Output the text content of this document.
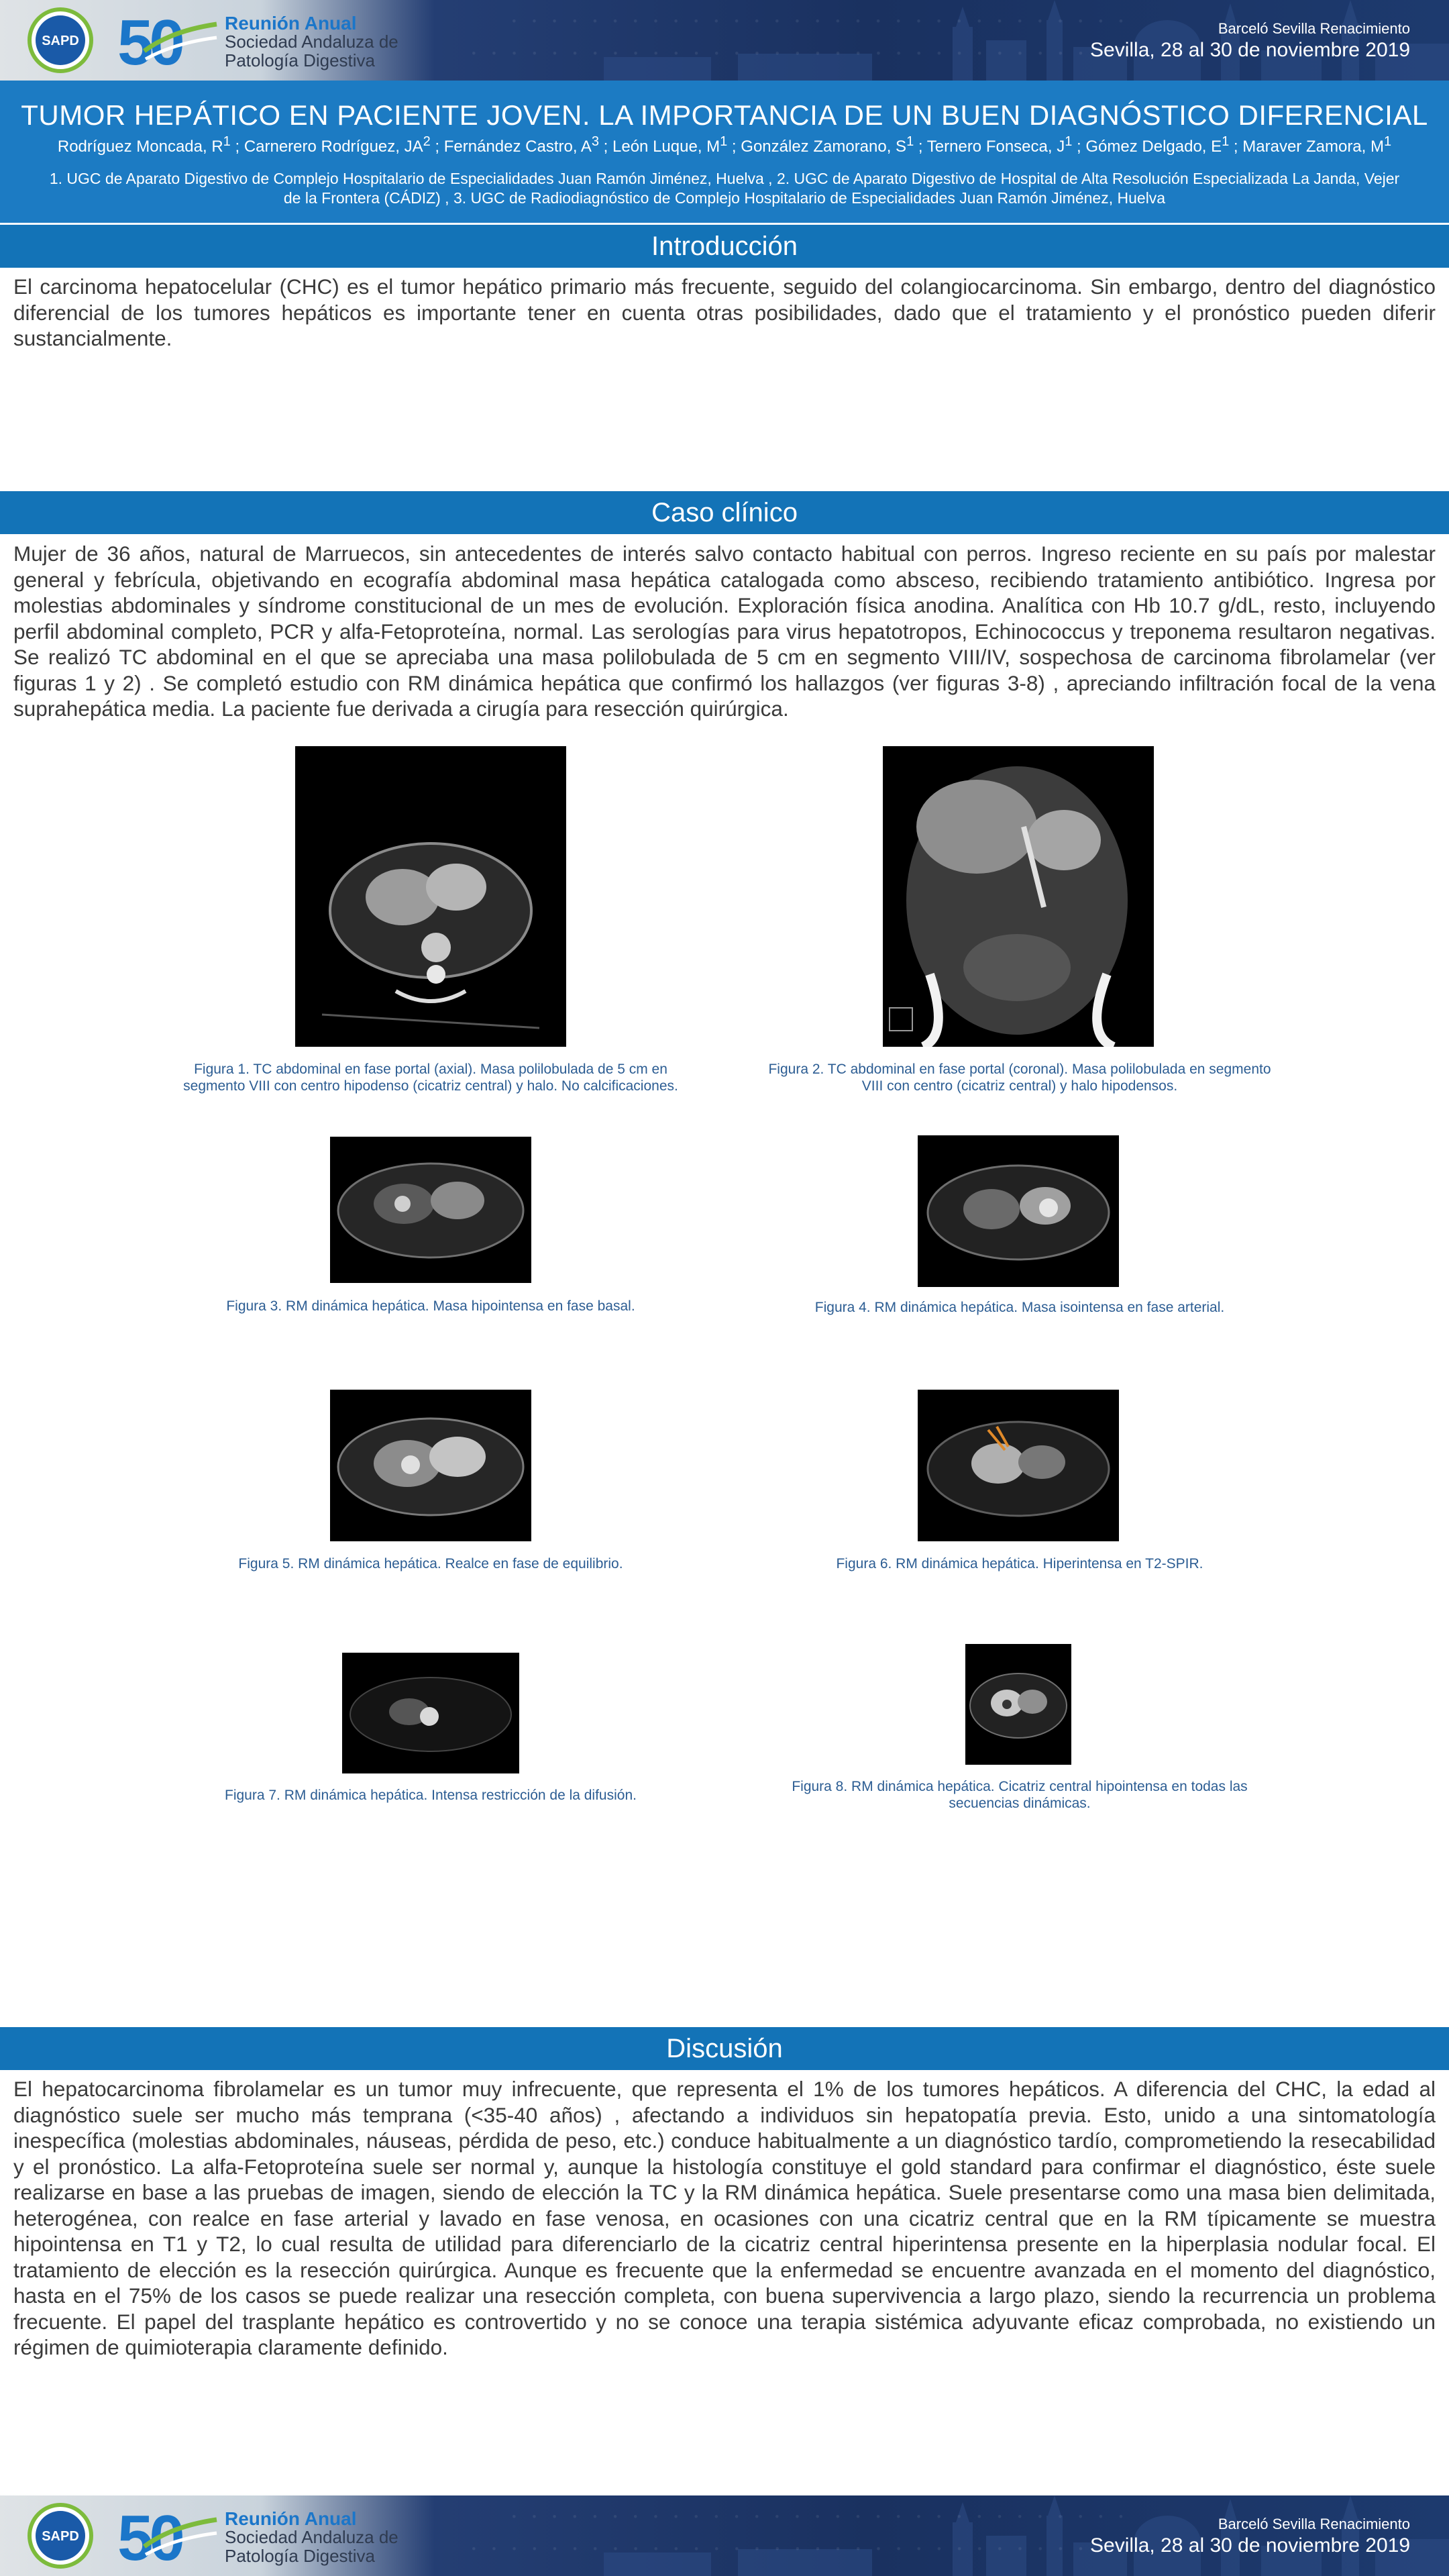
· · · · · · · · · · · · · · · · · · · · · · · · · · · · · · ·
· · · · · · · · · · · · · · · · · · · · · · · · · · · · · · · · ·
SAPD 50 Reunión Anual
Sociedad Andaluza de
Patología Digestiva
Barceló Sevilla Renacimiento
Sevilla, 28 al 30 de noviembre 2019
TUMOR HEPÁTICO EN PACIENTE JOVEN. LA IMPORTANCIA DE UN BUEN DIAGNÓSTICO DIFERENCIAL
Rodríguez Moncada, $R^1$ ; Carnerero Rodríguez, $JA^2$ ; Fernández Castro, $A^3$ ; León Luque, $M^1$ ; González Zamorano, $S^1$ ; Ternero Fonseca, $J^1$ ; Gómez Delgado, $E^1$ ; Maraver Zamora, $M^1$
1. UGC de Aparato Digestivo de Complejo Hospitalario de Especialidades Juan Ramón Jiménez, Huelva , 2. UGC de Aparato Digestivo de Hospital de Alta Resolución Especializada La Janda, Vejer de la Frontera (CÁDIZ) , 3. UGC de Radiodiagnóstico de Complejo Hospitalario de Especialidades Juan Ramón Jiménez, Huelva
Introducción

El carcinoma hepatocelular (CHC) es el tumor hepático primario más frecuente, seguido del colangiocarcinoma. Sin embargo, dentro del diagnóstico diferencial de los tumores hepáticos es importante tener en cuenta otras posibilidades, dado que el tratamiento y el pronóstico pueden diferir sustancialmente.

Caso clínico

Mujer de 36 años, natural de Marruecos, sin antecedentes de interés salvo contacto habitual con perros. Ingreso reciente en su país por malestar general y febrícula, objetivando en ecografía abdominal masa hepática catalogada como absceso, recibiendo tratamiento antibiótico. Ingresa por molestias abdominales y síndrome constitucional de un mes de evolución. Exploración física anodina. Analítica con Hb 10.7 g/dL, resto, incluyendo perfil abdominal completo, PCR y alfa-Fetoproteína, normal. Las serologías para virus hepatotropos, Echinococcus y treponema resultaron negativas. Se realizó TC abdominal en el que se apreciaba una masa polilobulada de 5 cm en segmento VIII/IV, sospechosa de carcinoma fibrolamelar (ver figuras 1 y 2) . Se completó estudio con RM dinámica hepática que confirmó los hallazgos (ver figuras 3-8) , apreciando infiltración focal de la vena suprahepática media. La paciente fue derivada a cirugía para resección quirúrgica.

Figura 1. TC abdominal en fase portal (axial). Masa polilobulada de 5 cm en segmento VIII con centro hipodenso (cicatriz central) y halo. No calcificaciones.

Figura 2. TC abdominal en fase portal (coronal). Masa polilobulada en segmento VIII con centro (cicatriz central) y halo hipodensos.

Figura 3. RM dinámica hepática. Masa hipointensa en fase basal.	Figura 4. RM dinámica hepática. Masa isointensa en fase arterial.

Figura 5. RM dinámica hepática. Realce en fase de equilibrio.	Figura 6. RM dinámica hepática. Hiperintensa en T2-SPIR.

Figura 7. RM dinámica hepática. Intensa restricción de la difusión.

Figura 8. RM dinámica hepática. Cicatriz central hipointensa en todas las secuencias dinámicas.

Discusión

El hepatocarcinoma fibrolamelar es un tumor muy infrecuente, que representa el 1% de los tumores hepáticos. A diferencia del CHC, la edad al diagnóstico suele ser mucho más temprana (<35-40 años) , afectando a individuos sin hepatopatía previa. Esto, unido a una sintomatología inespecífica (molestias abdominales, náuseas, pérdida de peso, etc.) conduce habitualmente a un diagnóstico tardío, comprometiendo la resecabilidad y el pronóstico. La alfa-Fetoproteína suele ser normal y, aunque la histología constituye el gold standard para confirmar el diagnóstico, éste suele realizarse en base a las pruebas de imagen, siendo de elección la TC y la RM dinámica hepática. Suele presentarse como una masa bien delimitada, heterogénea, con realce en fase arterial y lavado en fase venosa, en ocasiones con una cicatriz central que en la RM típicamente se muestra hipointensa en T1 y T2, lo cual resulta de utilidad para diferenciarlo de la cicatriz central hiperintensa presente en la hiperplasia nodular focal. El tratamiento de elección es la resección quirúrgica. Aunque es frecuente que la enfermedad se encuentre avanzada en el momento del diagnóstico, hasta en el 75% de los casos se puede realizar una resección completa, con buena supervivencia a largo plazo, siendo la recurrencia un problema frecuente. El papel del trasplante hepático es controvertido y no se conoce una terapia sistémica adyuvante eficaz comprobada, no existiendo un régimen de quimioterapia claramente definido.

· · · · · · · · · · · · · · · · · · · · · · · · · · · · · · ·
· · · · · · · · · · · · · · · · · · · · · · · · · · · · · · · · ·
SAPD 50 Reunión Anual
Sociedad Andaluza de
Patología Digestiva
Barceló Sevilla Renacimiento
Sevilla, 28 al 30 de noviembre 2019
